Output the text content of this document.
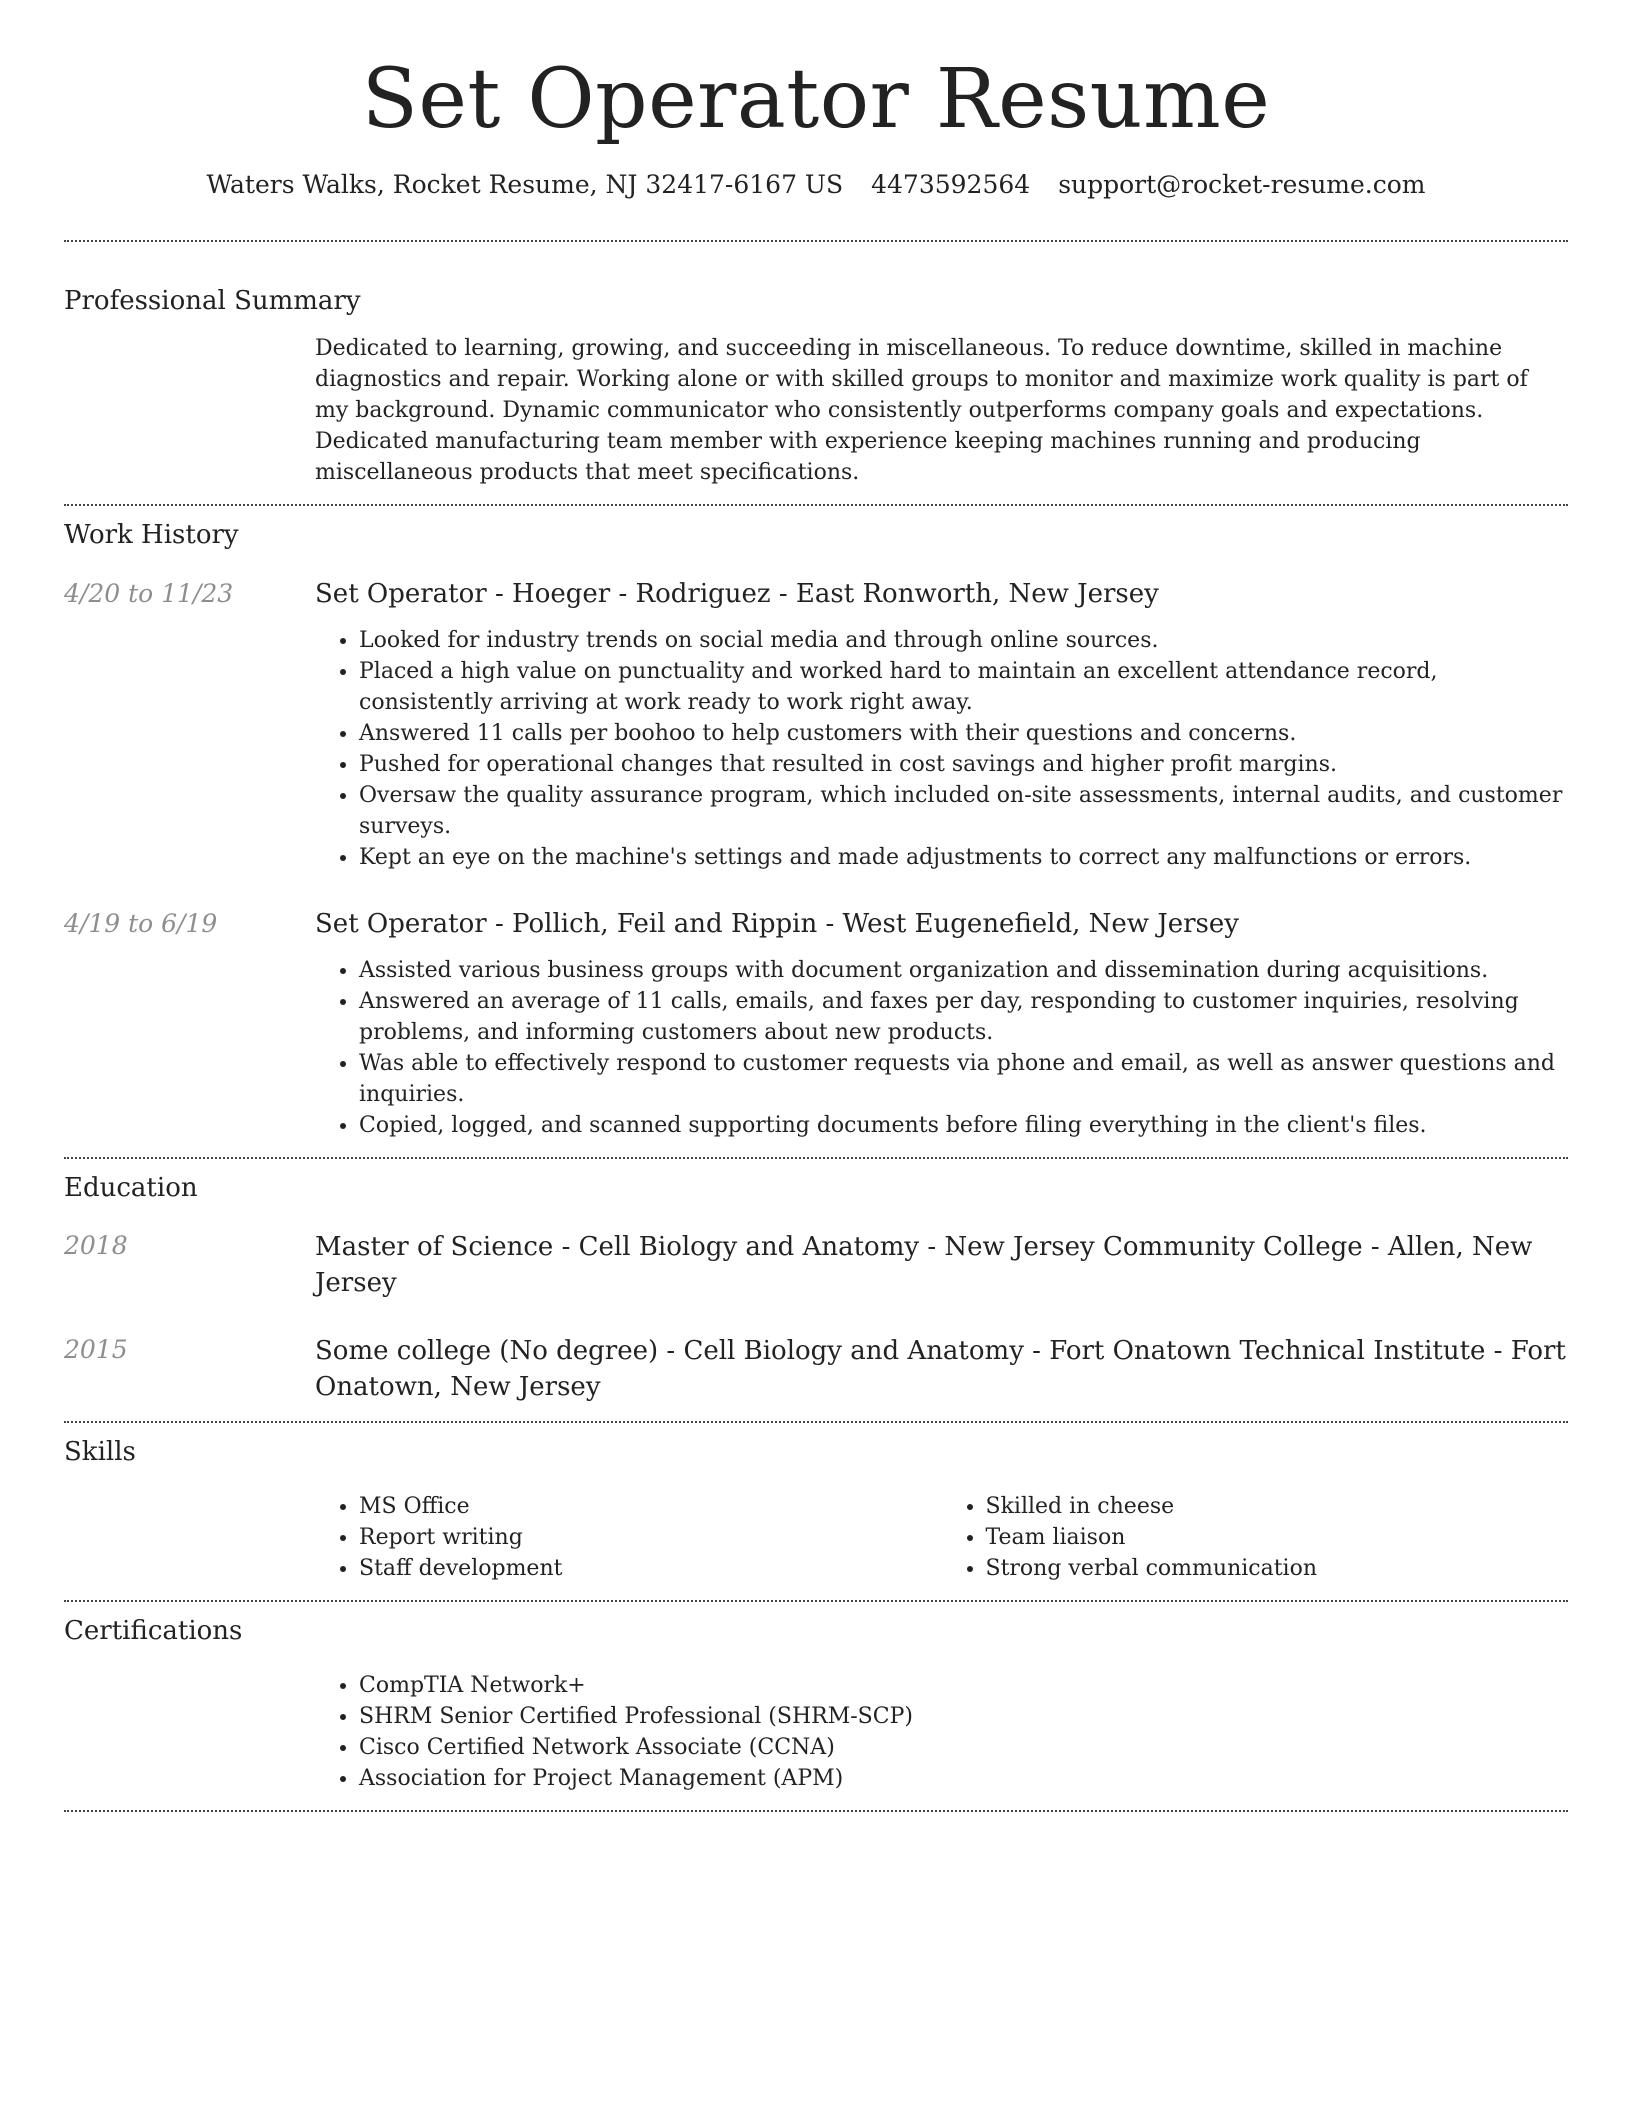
Set Operator Resume
Waters Walks, Rocket Resume, NJ 32417-6167 US 4473592564 support@rocket-resume.com
Professional Summary

Dedicated to learning, growing, and succeeding in miscellaneous. To reduce downtime, skilled in machine diagnostics and repair. Working alone or with skilled groups to monitor and maximize work quality is part of my background. Dynamic communicator who consistently outperforms company goals and expectations. Dedicated manufacturing team member with experience keeping machines running and producing miscellaneous products that meet specifications.

Work History
4/20 to 11/23	Set Operator - Hoeger - Rodriguez - East Ronworth, New Jersey

• Looked for industry trends on social media and through online sources.
• Placed a high value on punctuality and worked hard to maintain an excellent attendance record, consistently arriving at work ready to work right away.
• Answered 11 calls per boohoo to help customers with their questions and concerns.
• Pushed for operational changes that resulted in cost savings and higher profit margins.
• Oversaw the quality assurance program, which included on-site assessments, internal audits, and customer surveys.
• Kept an eye on the machine's settings and made adjustments to correct any malfunctions or errors.
4/19 to 6/19	Set Operator - Pollich, Feil and Rippin - West Eugenefield, New Jersey

• Assisted various business groups with document organization and dissemination during acquisitions.
• Answered an average of 11 calls, emails, and faxes per day, responding to customer inquiries, resolving problems, and informing customers about new products.
• Was able to effectively respond to customer requests via phone and email, as well as answer questions and inquiries.
• Copied, logged, and scanned supporting documents before filing everything in the client's files.
Education
2018	Master of Science - Cell Biology and Anatomy - New Jersey Community College - Allen, New Jersey

2015	Some college (No degree) - Cell Biology and Anatomy - Fort Onatown Technical Institute - Fort Onatown, New Jersey

Skills
• MS Office
• Report writing
• Staff development
• Skilled in cheese
• Team liaison
• Strong verbal communication
Certifications
• CompTIA Network+
• SHRM Senior Certified Professional (SHRM-SCP)
• Cisco Certified Network Associate (CCNA)
• Association for Project Management (APM)
